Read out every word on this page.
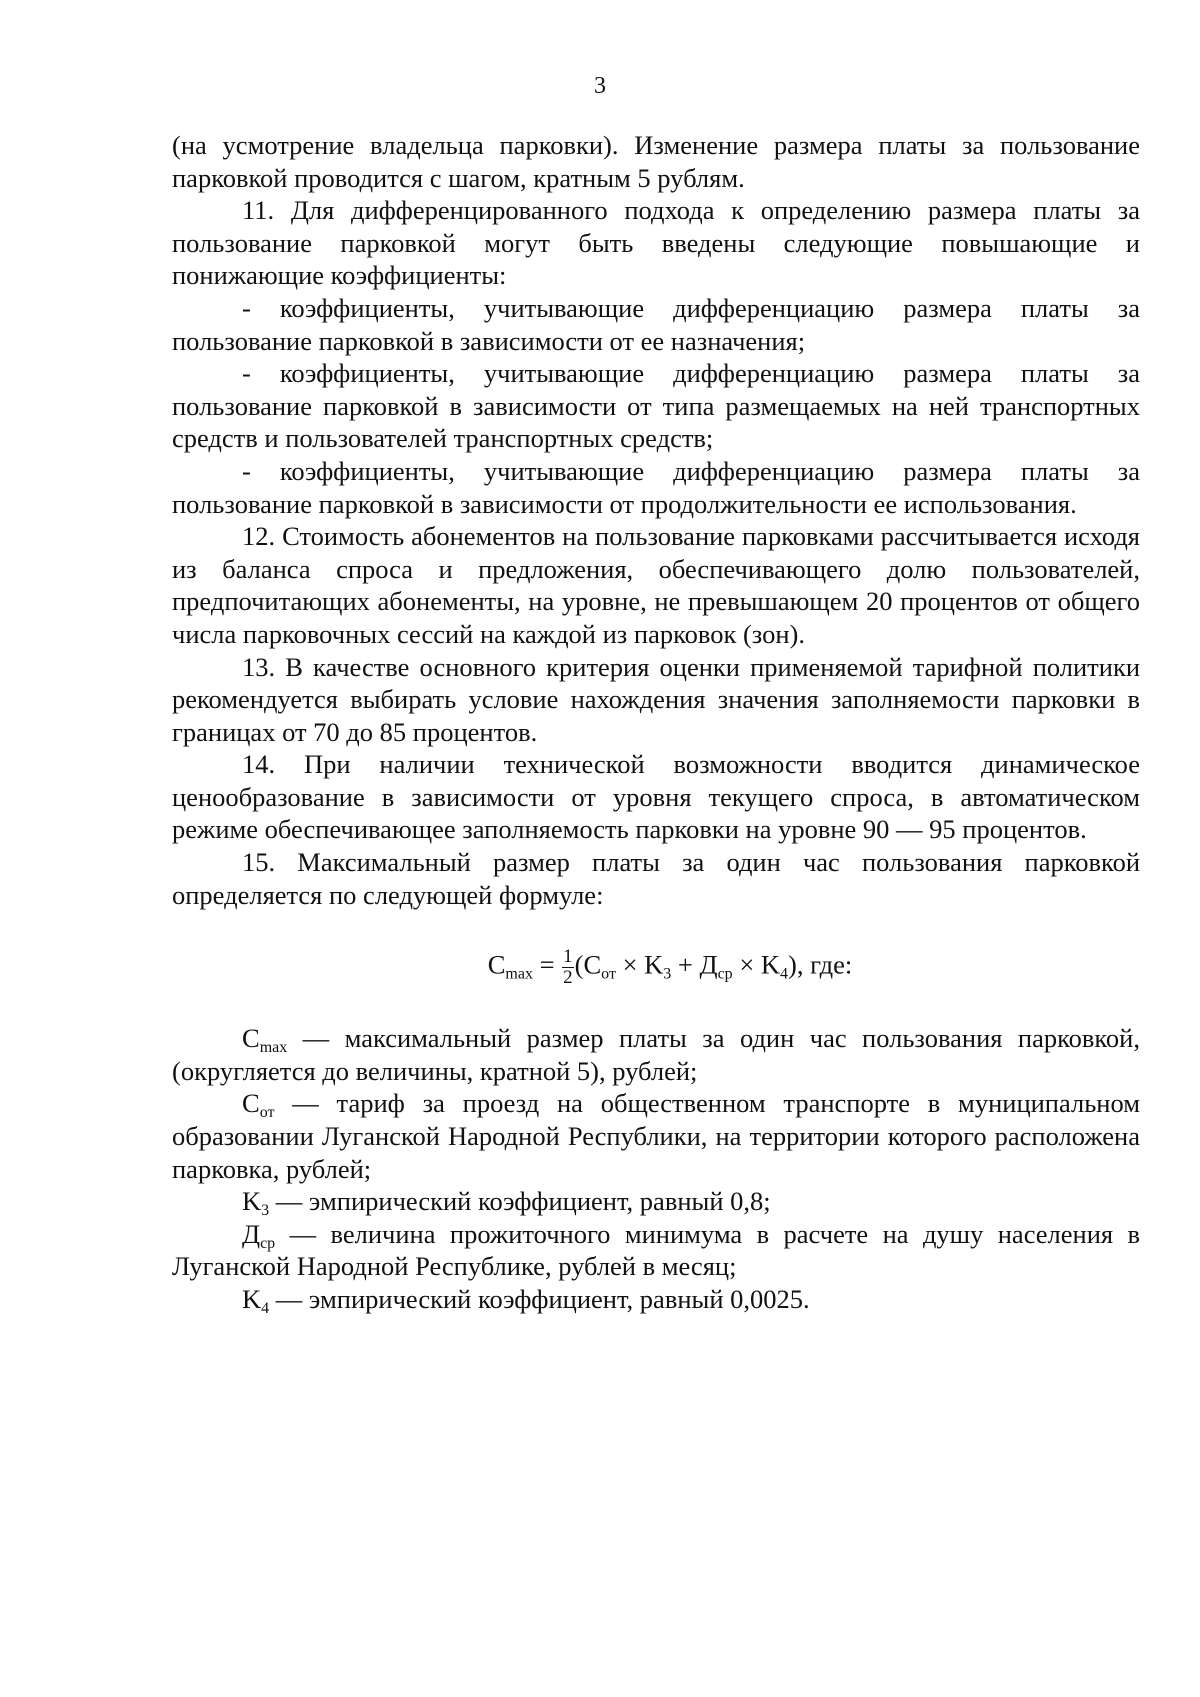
3

(на усмотрение владельца парковки). Изменение размера платы за пользование парковкой проводится с шагом, кратным 5 рублям.

11. Для дифференцированного подхода к определению размера платы за пользование парковкой могут быть введены следующие повышающие и понижающие коэффициенты:

- коэффициенты, учитывающие дифференциацию размера платы за пользование парковкой в зависимости от ее назначения;

- коэффициенты, учитывающие дифференциацию размера платы за пользование парковкой в зависимости от типа размещаемых на ней транспортных средств и пользователей транспортных средств;

- коэффициенты, учитывающие дифференциацию размера платы за пользование парковкой в зависимости от продолжительности ее использования.

12. Стоимость абонементов на пользование парковками рассчитывается исходя из баланса спроса и предложения, обеспечивающего долю пользователей, предпочитающих абонементы, на уровне, не превышающем 20 процентов от общего числа парковочных сессий на каждой из парковок (зон).

13. В качестве основного критерия оценки применяемой тарифной политики рекомендуется выбирать условие нахождения значения заполняемости парковки в границах от 70 до 85 процентов.

14. При наличии технической возможности вводится динамическое ценообразование в зависимости от уровня текущего спроса, в автоматическом режиме обеспечивающее заполняемость парковки на уровне 90 — 95 процентов.

15. Максимальный размер платы за один час пользования парковкой определяется по следующей формуле:

$C_{max} = \frac{1}{2} (C_{от} \times K_3 + Д_{ср} \times K_4)$, где:

$C_{max}$ — максимальный размер платы за один час пользования парковкой, (округляется до величины, кратной 5), рублей;

$C_{от}$ — тариф за проезд на общественном транспорте в муниципальном образовании Луганской Народной Республики, на территории которого расположена парковка, рублей;

$K_3$ — эмпирический коэффициент, равный 0,8;

$Д_{ср}$ — величина прожиточного минимума в расчете на душу населения в Луганской Народной Республике, рублей в месяц;

$K_4$ — эмпирический коэффициент, равный 0,0025.
